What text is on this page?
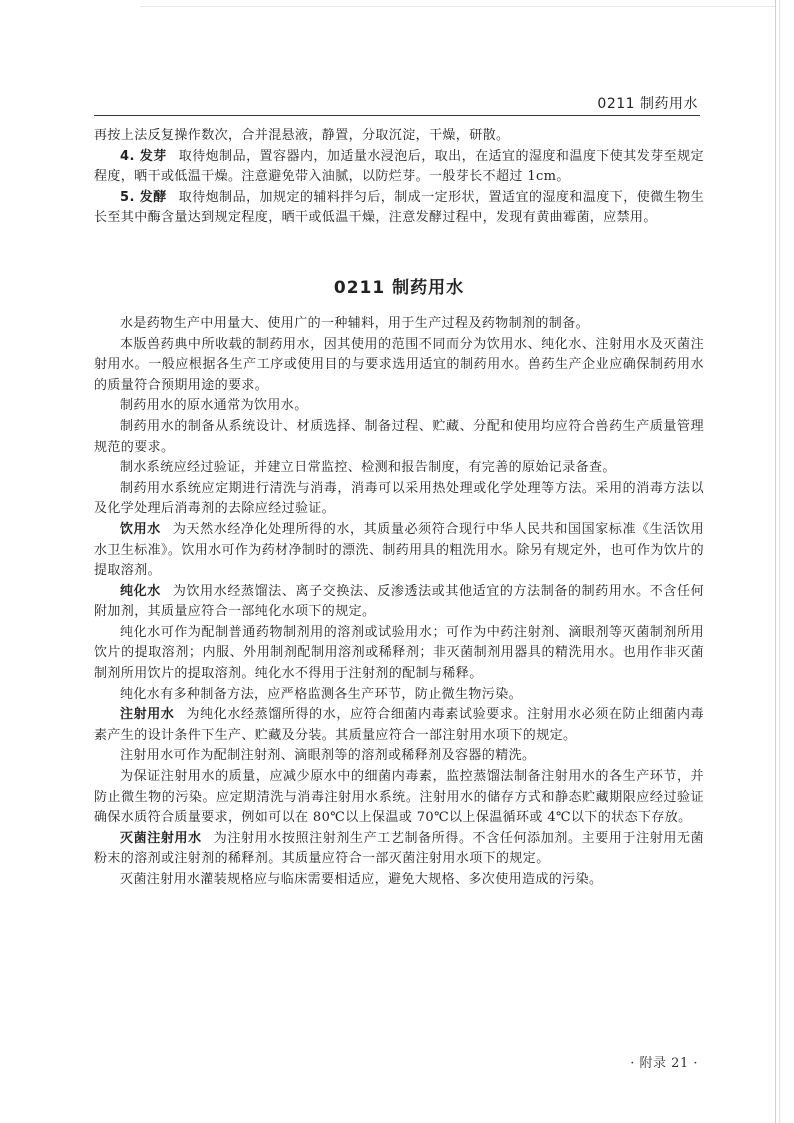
0211 制药用水

再按上法反复操作数次，合并混悬液，静置，分取沉淀，干燥，研散。

4. 发芽 取待炮制品，置容器内，加适量水浸泡后，取出，在适宜的湿度和温度下使其发芽至规定程度，晒干或低温干燥。注意避免带入油腻，以防烂芽。一般芽长不超过 1cm。

5. 发酵 取待炮制品，加规定的辅料拌匀后，制成一定形状，置适宜的湿度和温度下，使微生物生长至其中酶含量达到规定程度，晒干或低温干燥，注意发酵过程中，发现有黄曲霉菌，应禁用。

0211 制药用水

水是药物生产中用量大、使用广的一种辅料，用于生产过程及药物制剂的制备。

本版兽药典中所收载的制药用水，因其使用的范围不同而分为饮用水、纯化水、注射用水及灭菌注射用水。一般应根据各生产工序或使用目的与要求选用适宜的制药用水。兽药生产企业应确保制药用水的质量符合预期用途的要求。

制药用水的原水通常为饮用水。

制药用水的制备从系统设计、材质选择、制备过程、贮藏、分配和使用均应符合兽药生产质量管理规范的要求。

制水系统应经过验证，并建立日常监控、检测和报告制度，有完善的原始记录备查。

制药用水系统应定期进行清洗与消毒，消毒可以采用热处理或化学处理等方法。采用的消毒方法以及化学处理后消毒剂的去除应经过验证。

饮用水 为天然水经净化处理所得的水，其质量必须符合现行中华人民共和国国家标准《生活饮用水卫生标准》。饮用水可作为药材净制时的漂洗、制药用具的粗洗用水。除另有规定外，也可作为饮片的提取溶剂。

纯化水 为饮用水经蒸馏法、离子交换法、反渗透法或其他适宜的方法制备的制药用水。不含任何附加剂，其质量应符合一部纯化水项下的规定。

纯化水可作为配制普通药物制剂用的溶剂或试验用水；可作为中药注射剂、滴眼剂等灭菌制剂所用饮片的提取溶剂；内服、外用制剂配制用溶剂或稀释剂；非灭菌制剂用器具的精洗用水。也用作非灭菌制剂所用饮片的提取溶剂。纯化水不得用于注射剂的配制与稀释。

纯化水有多种制备方法，应严格监测各生产环节，防止微生物污染。

注射用水 为纯化水经蒸馏所得的水，应符合细菌内毒素试验要求。注射用水必须在防止细菌内毒素产生的设计条件下生产、贮藏及分装。其质量应符合一部注射用水项下的规定。

注射用水可作为配制注射剂、滴眼剂等的溶剂或稀释剂及容器的精洗。

为保证注射用水的质量，应减少原水中的细菌内毒素，监控蒸馏法制备注射用水的各生产环节，并防止微生物的污染。应定期清洗与消毒注射用水系统。注射用水的储存方式和静态贮藏期限应经过验证确保水质符合质量要求，例如可以在 80℃以上保温或 70℃以上保温循环或 4℃以下的状态下存放。

灭菌注射用水 为注射用水按照注射剂生产工艺制备所得。不含任何添加剂。主要用于注射用无菌粉末的溶剂或注射剂的稀释剂。其质量应符合一部灭菌注射用水项下的规定。

灭菌注射用水灌装规格应与临床需要相适应，避免大规格、多次使用造成的污染。

· 附录 21 ·
